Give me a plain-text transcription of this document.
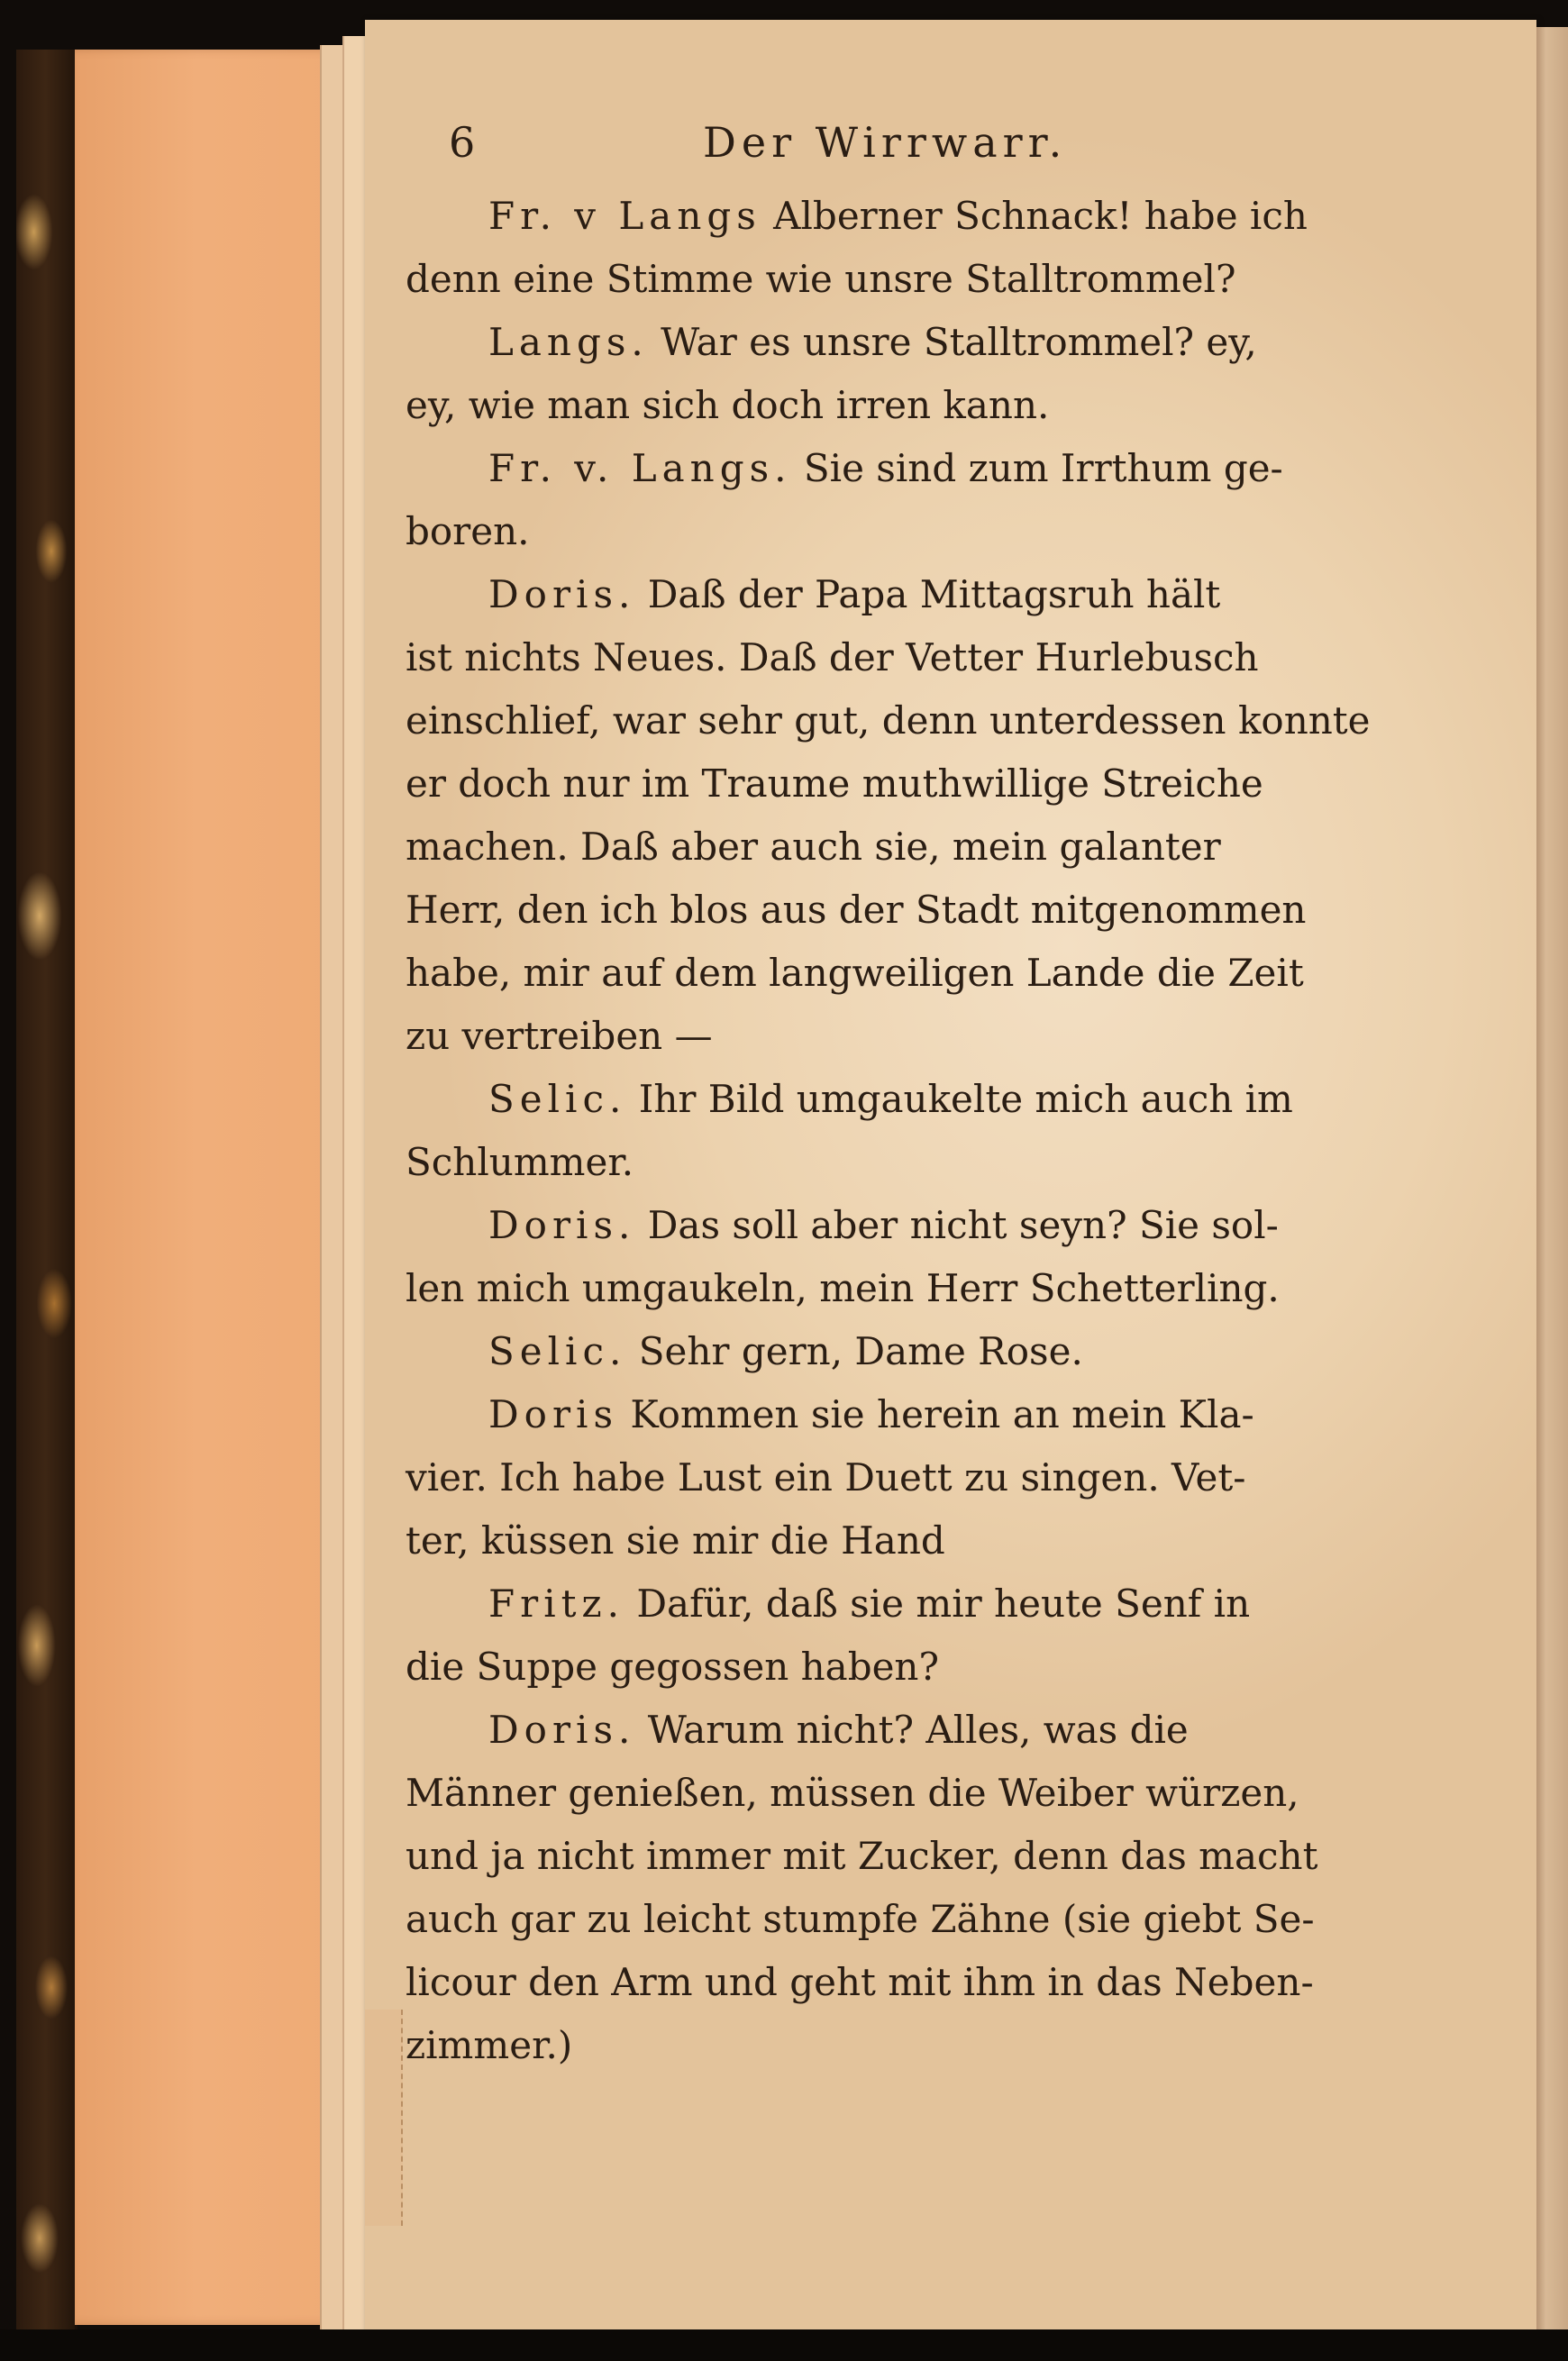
6	Der Wirrwarr.
Fr. v Langs Alberner Schnack! habe ich
denn eine Stimme wie unsre Stalltrommel?
Langs. War es unsre Stalltrommel? ey,
ey, wie man sich doch irren kann.
Fr. v. Langs. Sie sind zum Irrthum ge-
boren.
Doris. Daß der Papa Mittagsruh hält
ist nichts Neues. Daß der Vetter Hurlebusch
einschlief, war sehr gut, denn unterdessen konnte
er doch nur im Traume muthwillige Streiche
machen. Daß aber auch sie, mein galanter
Herr, den ich blos aus der Stadt mitgenommen
habe, mir auf dem langweiligen Lande die Zeit
zu vertreiben —
Selic. Ihr Bild umgaukelte mich auch im
Schlummer.
Doris. Das soll aber nicht seyn? Sie sol-
len mich umgaukeln, mein Herr Schetterling.
Selic. Sehr gern, Dame Rose.
Doris Kommen sie herein an mein Kla-
vier. Ich habe Lust ein Duett zu singen. Vet-
ter, küssen sie mir die Hand
Fritz. Dafür, daß sie mir heute Senf in
die Suppe gegossen haben?
Doris. Warum nicht? Alles, was die
Männer genießen, müssen die Weiber würzen,
und ja nicht immer mit Zucker, denn das macht
auch gar zu leicht stumpfe Zähne (sie giebt Se-
licour den Arm und geht mit ihm in das Neben-
zimmer.)
